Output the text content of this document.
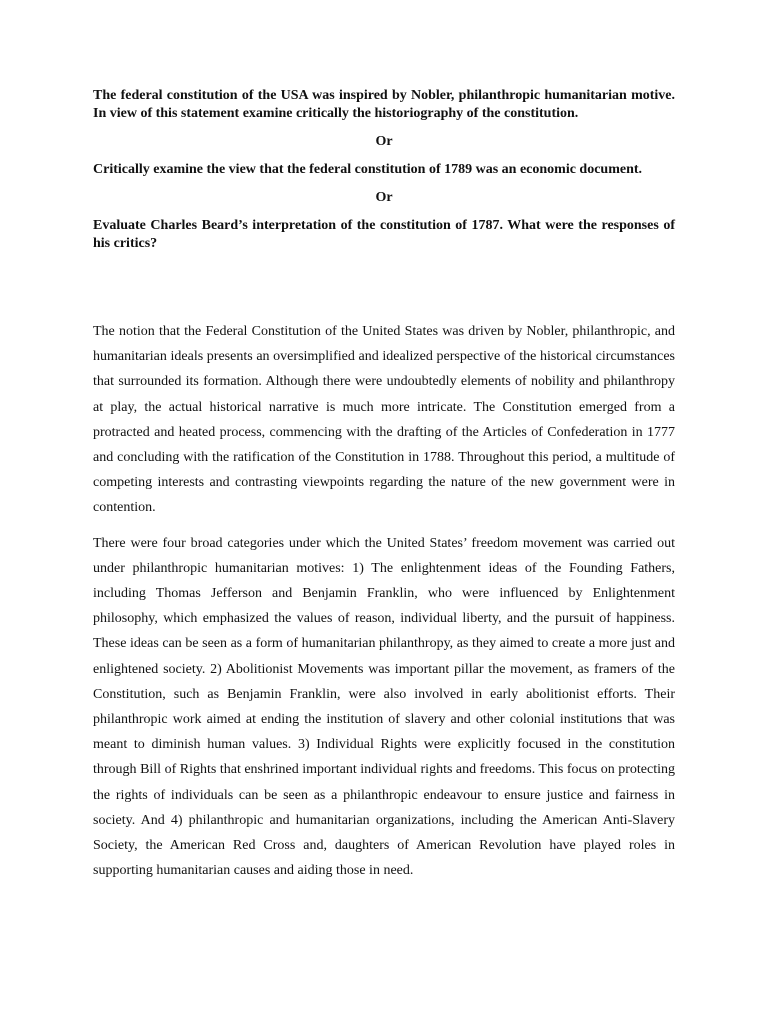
The federal constitution of the USA was inspired by Nobler, philanthropic humanitarian motive. In view of this statement examine critically the historiography of the constitution.

Or

Critically examine the view that the federal constitution of 1789 was an economic document.

Or

Evaluate Charles Beard’s interpretation of the constitution of 1787. What were the responses of his critics?

The notion that the Federal Constitution of the United States was driven by Nobler, philanthropic, and humanitarian ideals presents an oversimplified and idealized perspective of the historical circumstances that surrounded its formation. Although there were undoubtedly elements of nobility and philanthropy at play, the actual historical narrative is much more intricate. The Constitution emerged from a protracted and heated process, commencing with the drafting of the Articles of Confederation in 1777 and concluding with the ratification of the Constitution in 1788. Throughout this period, a multitude of competing interests and contrasting viewpoints regarding the nature of the new government were in contention.

There were four broad categories under which the United States’ freedom movement was carried out under philanthropic humanitarian motives: 1) The enlightenment ideas of the Founding Fathers, including Thomas Jefferson and Benjamin Franklin, who were influenced by Enlightenment philosophy, which emphasized the values of reason, individual liberty, and the pursuit of happiness. These ideas can be seen as a form of humanitarian philanthropy, as they aimed to create a more just and enlightened society. 2) Abolitionist Movements was important pillar the movement, as framers of the Constitution, such as Benjamin Franklin, were also involved in early abolitionist efforts. Their philanthropic work aimed at ending the institution of slavery and other colonial institutions that was meant to diminish human values. 3) Individual Rights were explicitly focused in the constitution through Bill of Rights that enshrined important individual rights and freedoms. This focus on protecting the rights of individuals can be seen as a philanthropic endeavour to ensure justice and fairness in society. And 4) philanthropic and humanitarian organizations, including the American Anti-Slavery Society, the American Red Cross and, daughters of American Revolution have played roles in supporting humanitarian causes and aiding those in need.
